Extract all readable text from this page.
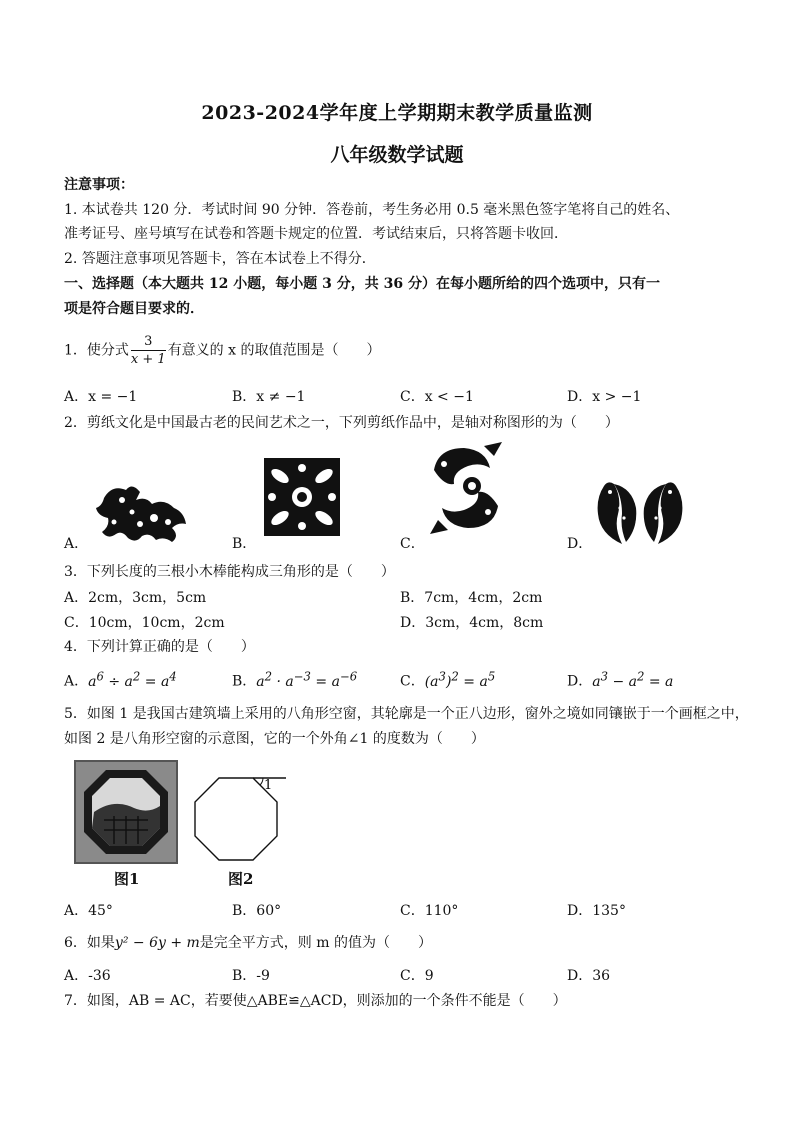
2023-2024学年度上学期期末教学质量监测
八年级数学试题
注意事项：
1. 本试卷共 120 分．考试时间 90 分钟．答卷前，考生务必用 0.5 毫米黑色签字笔将自己的姓名、
准考证号、座号填写在试卷和答题卡规定的位置．考试结束后，只将答题卡收回．
2. 答题注意事项见答题卡，答在本试卷上不得分．
一、选择题（本大题共 12 小题，每小题 3 分，共 36 分）在每小题所给的四个选项中，只有一
项是符合题目要求的．
1．使分式 $\frac{3}{x + 1}$ 有意义的 x 的取值范围是（　　）
A．x = −1	B．x ≠ −1	C．x < −1	D．x > −1
2．剪纸文化是中国最古老的民间艺术之一，下列剪纸作品中，是轴对称图形的为（　　）
A．	B．	C．	D．
3．下列长度的三根小木棒能构成三角形的是（　　）
A．2cm，3cm，5cm	B．7cm，4cm，2cm
C．10cm，10cm，2cm	D．3cm，4cm，8cm
4．下列计算正确的是（　　）
A．$a^6 \div a^2 = a^4$	B．$a^2 \cdot a^{-3} = a^{-6}$	C．$(a^3)^2 = a^5$	D．$a^3 - a^2 = a$
5．如图 1 是我国古建筑墙上采用的八角形空窗，其轮廓是一个正八边形，窗外之境如同镶嵌于一个画框之中，
如图 2 是八角形空窗的示意图，它的一个外角∠1 的度数为（　　）
图1
1
图2
A．45°	B．60°	C．110°	D．135°
6．如果y² − 6y + m是完全平方式，则 m 的值为（　　）
A．-36	B．-9	C．9	D．36
7．如图，AB = AC，若要使△ABE≌△ACD，则添加的一个条件不能是（　　）
